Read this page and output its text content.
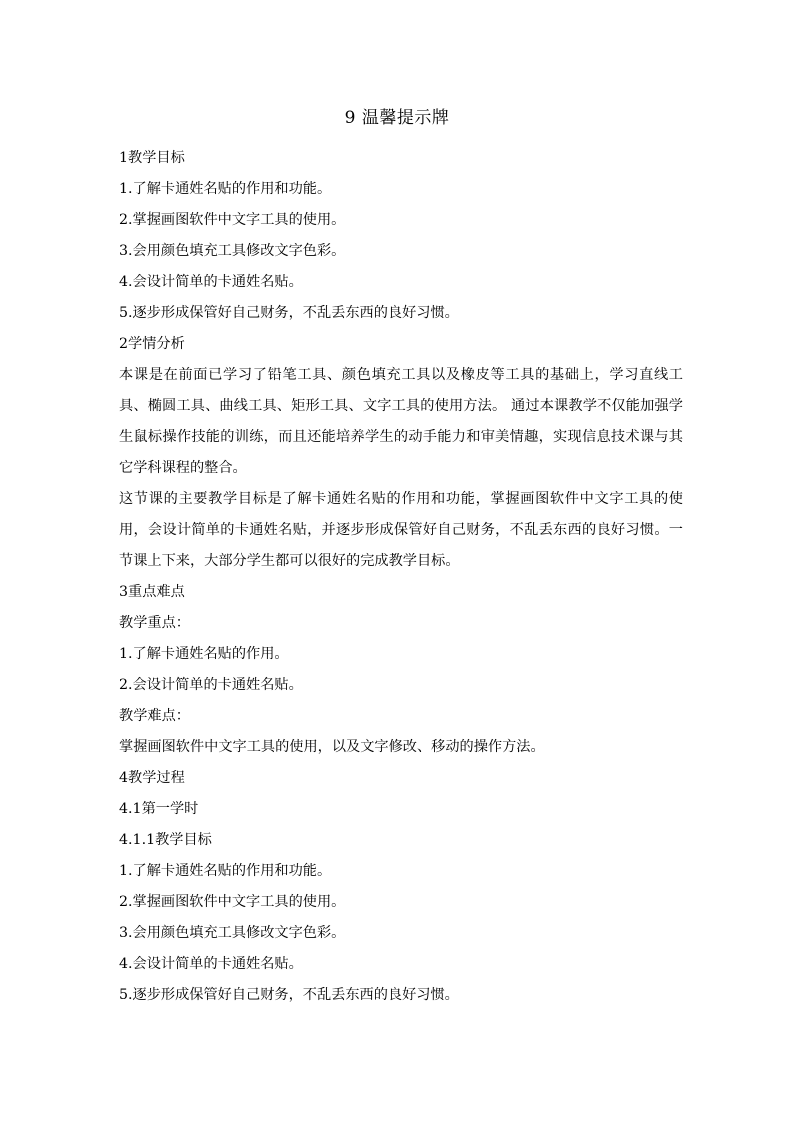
9 温馨提示牌
1教学目标
1.了解卡通姓名贴的作用和功能。
2.掌握画图软件中文字工具的使用。
3.会用颜色填充工具修改文字色彩。
4.会设计简单的卡通姓名贴。
5.逐步形成保管好自己财务，不乱丢东西的良好习惯。
2学情分析
本课是在前面已学习了铅笔工具、颜色填充工具以及橡皮等工具的基础上，学习直线工具、椭圆工具、曲线工具、矩形工具、文字工具的使用方法。 通过本课教学不仅能加强学生鼠标操作技能的训练，而且还能培养学生的动手能力和审美情趣，实现信息技术课与其它学科课程的整合。
这节课的主要教学目标是了解卡通姓名贴的作用和功能，掌握画图软件中文字工具的使用，会设计简单的卡通姓名贴，并逐步形成保管好自己财务，不乱丢东西的良好习惯。一节课上下来，大部分学生都可以很好的完成教学目标。
3重点难点
教学重点：
1.了解卡通姓名贴的作用。
2.会设计简单的卡通姓名贴。
教学难点：
掌握画图软件中文字工具的使用，以及文字修改、移动的操作方法。
4教学过程
4.1第一学时
4.1.1教学目标
1.了解卡通姓名贴的作用和功能。
2.掌握画图软件中文字工具的使用。
3.会用颜色填充工具修改文字色彩。
4.会设计简单的卡通姓名贴。
5.逐步形成保管好自己财务，不乱丢东西的良好习惯。
